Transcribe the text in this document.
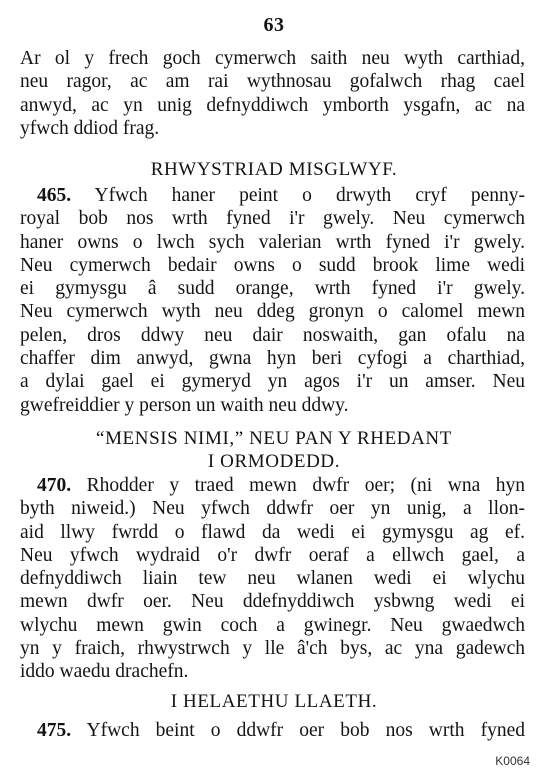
63
Ar ol y frech goch cymerwch saith neu wyth carthiad,
neu ragor, ac am rai wythnosau gofalwch rhag cael
anwyd, ac yn unig defnyddiwch ymborth ysgafn, ac na
yfwch ddiod frag.
RHWYSTRIAD MISGLWYF.
465. Yfwch haner peint o drwyth cryf penny-
royal bob nos wrth fyned i'r gwely. Neu cymerwch
haner owns o lwch sych valerian wrth fyned i'r gwely.
Neu cymerwch bedair owns o sudd brook lime wedi
ei gymysgu â sudd orange, wrth fyned i'r gwely.
Neu cymerwch wyth neu ddeg gronyn o calomel mewn
pelen, dros ddwy neu dair noswaith, gan ofalu na
chaffer dim anwyd, gwna hyn beri cyfogi a charthiad,
a dylai gael ei gymeryd yn agos i'r un amser. Neu
gwefreiddier y person un waith neu ddwy.
“MENSIS NIMI,” NEU PAN Y RHEDANT
I ORMODEDD.
470. Rhodder y traed mewn dwfr oer; (ni wna hyn
byth niweid.) Neu yfwch ddwfr oer yn unig, a llon-
aid llwy fwrdd o flawd da wedi ei gymysgu ag ef.
Neu yfwch wydraid o'r dwfr oeraf a ellwch gael, a
defnyddiwch liain tew neu wlanen wedi ei wlychu
mewn dwfr oer. Neu ddefnyddiwch ysbwng wedi ei
wlychu mewn gwin coch a gwinegr. Neu gwaedwch
yn y fraich, rhwystrwch y lle â'ch bys, ac yna gadewch
iddo waedu drachefn.
I HELAETHU LLAETH.
475. Yfwch beint o ddwfr oer bob nos wrth fyned
K0064
